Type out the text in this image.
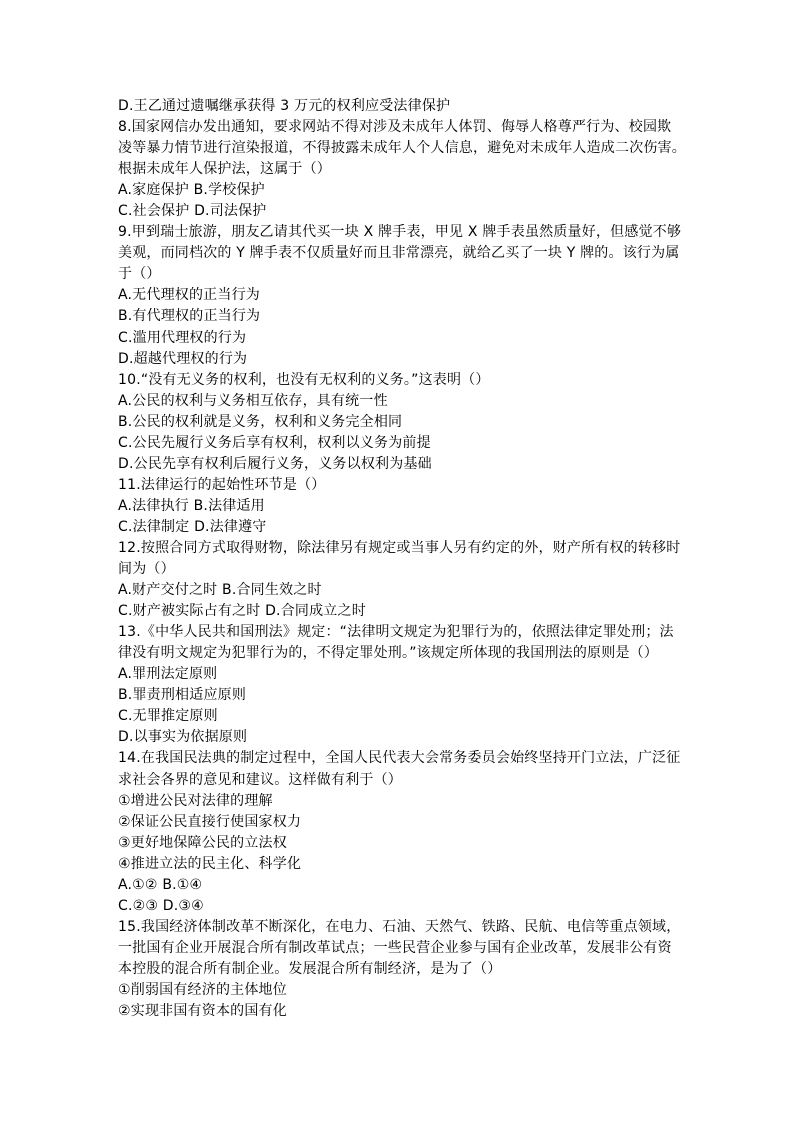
D.王乙通过遗嘱继承获得 3 万元的权利应受法律保护
8.国家网信办发出通知，要求网站不得对涉及未成年人体罚、侮辱人格尊严行为、校园欺
凌等暴力情节进行渲染报道，不得披露未成年人个人信息，避免对未成年人造成二次伤害。
根据未成年人保护法，这属于（）
A.家庭保护 B.学校保护
C.社会保护 D.司法保护
9.甲到瑞士旅游，朋友乙请其代买一块 X 牌手表，甲见 X 牌手表虽然质量好，但感觉不够
美观，而同档次的 Y 牌手表不仅质量好而且非常漂亮，就给乙买了一块 Y 牌的。该行为属
于（）
A.无代理权的正当行为
B.有代理权的正当行为
C.滥用代理权的行为
D.超越代理权的行为
10.“没有无义务的权利，也没有无权利的义务。”这表明（）
A.公民的权利与义务相互依存，具有统一性
B.公民的权利就是义务，权利和义务完全相同
C.公民先履行义务后享有权利，权利以义务为前提
D.公民先享有权利后履行义务，义务以权利为基础
11.法律运行的起始性环节是（）
A.法律执行 B.法律适用
C.法律制定 D.法律遵守
12.按照合同方式取得财物，除法律另有规定或当事人另有约定的外，财产所有权的转移时
间为（）
A.财产交付之时 B.合同生效之时
C.财产被实际占有之时 D.合同成立之时
13.《中华人民共和国刑法》规定：“法律明文规定为犯罪行为的，依照法律定罪处刑；法
律没有明文规定为犯罪行为的，不得定罪处刑。”该规定所体现的我国刑法的原则是（）
A.罪刑法定原则
B.罪责刑相适应原则
C.无罪推定原则
D.以事实为依据原则
14.在我国民法典的制定过程中，全国人民代表大会常务委员会始终坚持开门立法，广泛征
求社会各界的意见和建议。这样做有利于（）
①增进公民对法律的理解
②保证公民直接行使国家权力
③更好地保障公民的立法权
④推进立法的民主化、科学化
A.①② B.①④
C.②③ D.③④
15.我国经济体制改革不断深化，在电力、石油、天然气、铁路、民航、电信等重点领域，
一批国有企业开展混合所有制改革试点；一些民营企业参与国有企业改革，发展非公有资
本控股的混合所有制企业。发展混合所有制经济，是为了（）
①削弱国有经济的主体地位
②实现非国有资本的国有化
